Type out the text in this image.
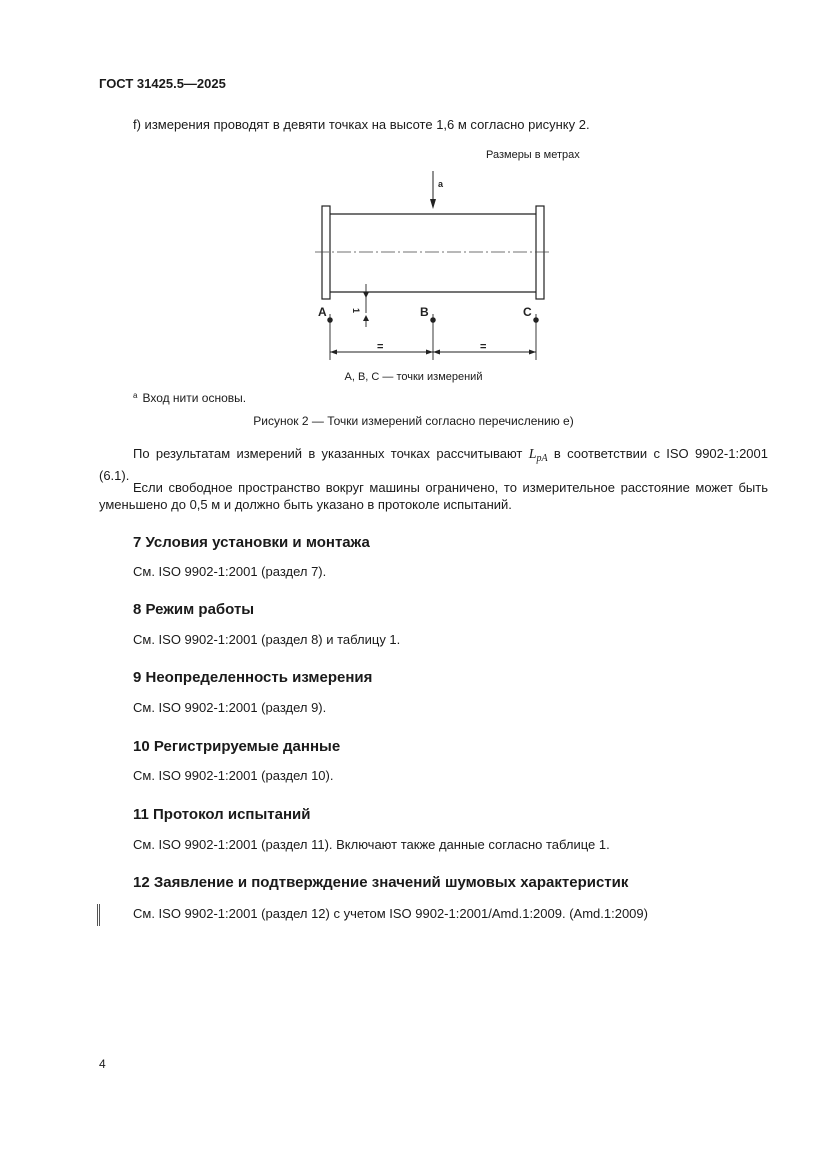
ГОСТ 31425.5—2025
f) измерения проводят в девяти точках на высоте 1,6 м согласно рисунку 2.
Размеры в метрах
a
1
A	B	C
=	=
A, B, C — точки измерений
$^a$ Вход нити основы.
Рисунок 2 — Точки измерений согласно перечислению e)
По результатам измерений в указанных точках рассчитывают $L_{pA}$ в соответствии с ISO 9902-1:2001 (6.1).
Если свободное пространство вокруг машины ограничено, то измерительное расстояние может быть уменьшено до 0,5 м и должно быть указано в протоколе испытаний.
7 Условия установки и монтажа
См. ISO 9902-1:2001 (раздел 7).
8 Режим работы
См. ISO 9902-1:2001 (раздел 8) и таблицу 1.
9 Неопределенность измерения
См. ISO 9902-1:2001 (раздел 9).
10 Регистрируемые данные
См. ISO 9902-1:2001 (раздел 10).
11 Протокол испытаний
См. ISO 9902-1:2001 (раздел 11). Включают также данные согласно таблице 1.
12 Заявление и подтверждение значений шумовых характеристик
См. ISO 9902-1:2001 (раздел 12) с учетом ISO 9902-1:2001/Amd.1:2009. (Amd.1:2009)
4
